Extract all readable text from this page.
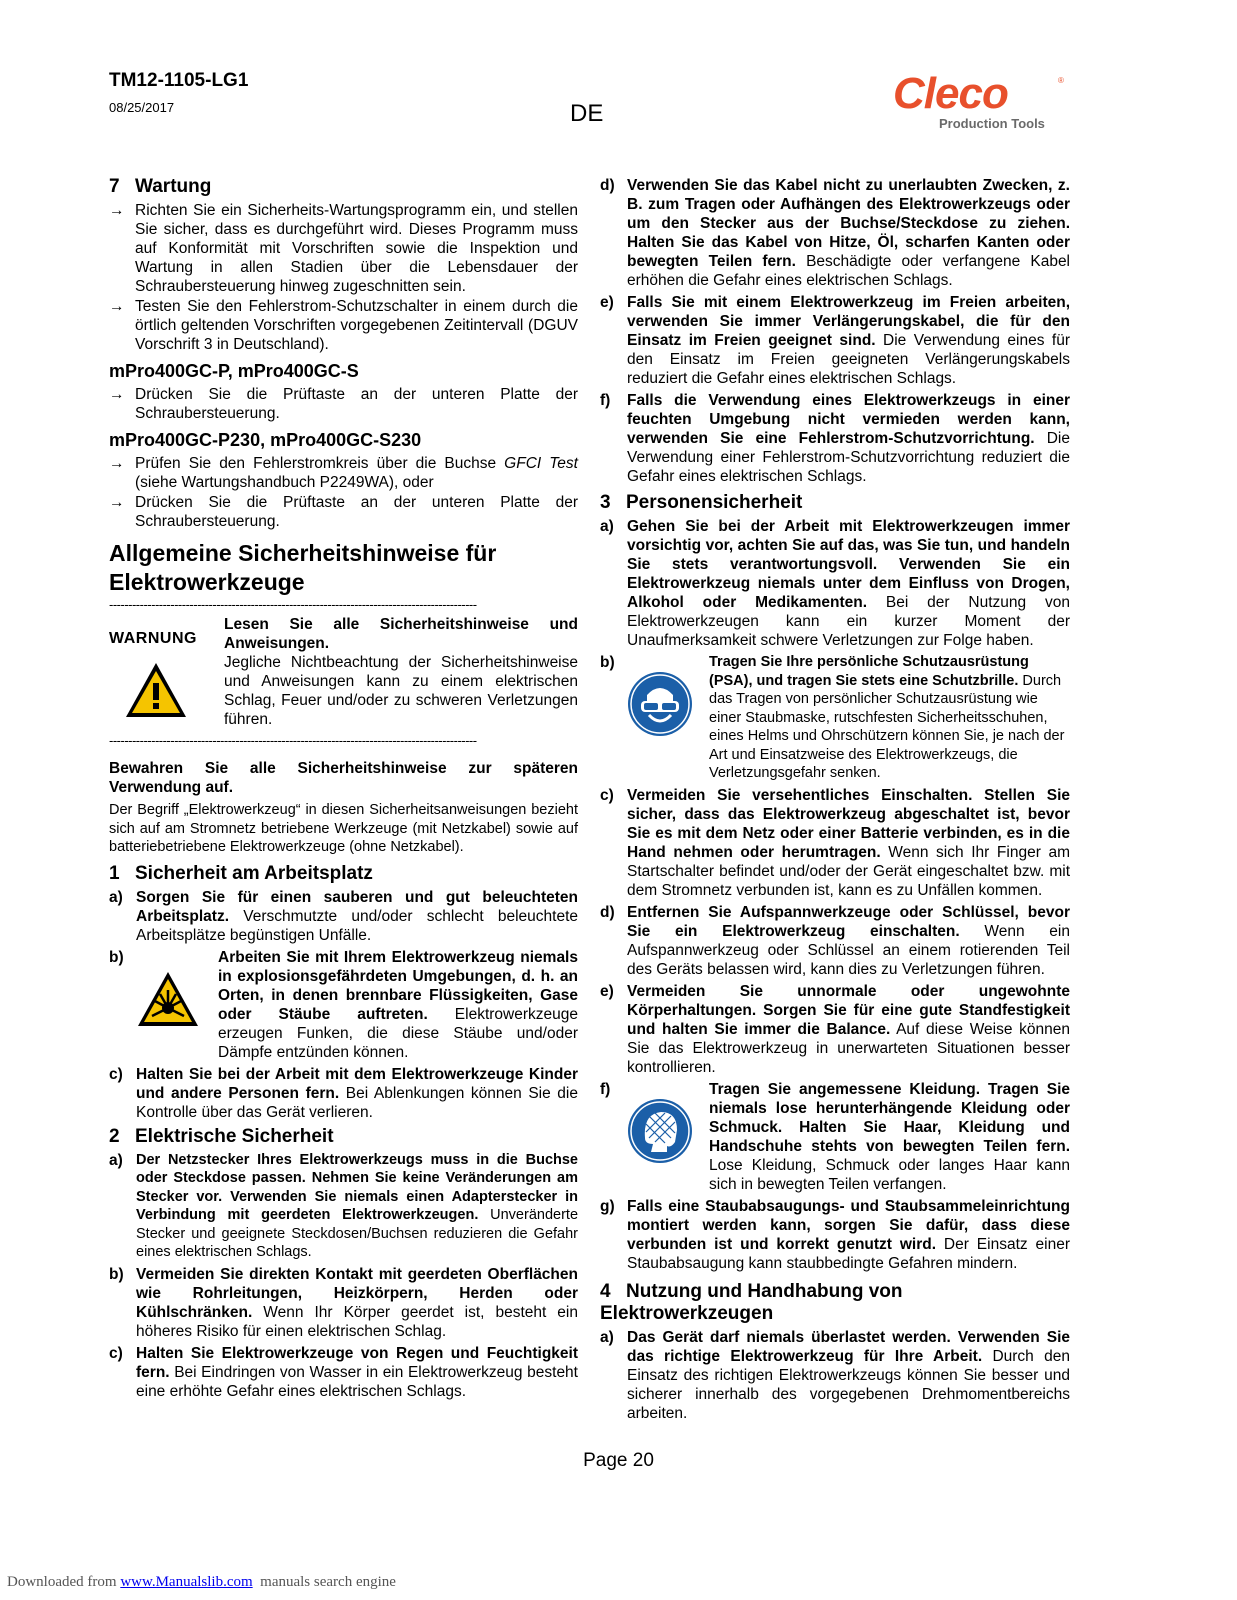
TM12-1105-LG1
08/25/2017	DE	Cleco	®
Production Tools
7 Wartung
→ Richten Sie ein Sicherheits-Wartungsprogramm ein, und stellen Sie sicher, dass es durchgeführt wird. Dieses Programm muss auf Konformität mit Vorschriften sowie die Inspektion und Wartung in allen Stadien über die Lebensdauer der Schraubersteuerung hinweg zugeschnitten sein.
→ Testen Sie den Fehlerstrom-Schutzschalter in einem durch die örtlich geltenden Vorschriften vorgegebenen Zeitintervall (DGUV Vorschrift 3 in Deutschland).
mPro400GC-P, mPro400GC-S
→ Drücken Sie die Prüftaste an der unteren Platte der Schraubersteuerung.
mPro400GC-P230, mPro400GC-S230
→ Prüfen Sie den Fehlerstromkreis über die Buchse GFCI Test (siehe Wartungshandbuch P2249WA), oder
→ Drücken Sie die Prüftaste an der unteren Platte der Schraubersteuerung.
Allgemeine Sicherheitshinweise für Elektrowerkzeuge
------------------------------------------------------------------------------------------------
WARNUNG

Lesen Sie alle Sicherheitshinweise und Anweisungen.

Jegliche Nichtbeachtung der Sicherheitshinweise und Anweisungen kann zu einem elektrischen Schlag, Feuer und/oder zu schweren Verletzungen führen.

------------------------------------------------------------------------------------------------

Bewahren Sie alle Sicherheitshinweise zur späteren Verwendung auf.

Der Begriff „Elektrowerkzeug“ in diesen Sicherheitsanweisungen bezieht sich auf am Stromnetz betriebene Werkzeuge (mit Netzkabel) sowie auf batteriebetriebene Elektrowerkzeuge (ohne Netzkabel).

1 Sicherheit am Arbeitsplatz
a) Sorgen Sie für einen sauberen und gut beleuchteten Arbeitsplatz. Verschmutzte und/oder schlecht beleuchtete Arbeitsplätze begünstigen Unfälle.
b)	Arbeiten Sie mit Ihrem Elektrowerkzeug niemals in explosionsgefährdeten Umgebungen, d. h. an Orten, in denen brennbare Flüssigkeiten, Gase oder Stäube auftreten. Elektrowerkzeuge erzeugen Funken, die diese Stäube und/oder Dämpfe entzünden können.
c) Halten Sie bei der Arbeit mit dem Elektrowerkzeuge Kinder und andere Personen fern. Bei Ablenkungen können Sie die Kontrolle über das Gerät verlieren.
2 Elektrische Sicherheit
a) Der Netzstecker Ihres Elektrowerkzeugs muss in die Buchse oder Steckdose passen. Nehmen Sie keine Veränderungen am Stecker vor. Verwenden Sie niemals einen Adapterstecker in Verbindung mit geerdeten Elektrowerkzeugen. Unveränderte Stecker und geeignete Steckdosen/Buchsen reduzieren die Gefahr eines elektrischen Schlags.
b) Vermeiden Sie direkten Kontakt mit geerdeten Oberflächen wie Rohrleitungen, Heizkörpern, Herden oder Kühlschränken. Wenn Ihr Körper geerdet ist, besteht ein höheres Risiko für einen elektrischen Schlag.
c) Halten Sie Elektrowerkzeuge von Regen und Feuchtigkeit fern. Bei Eindringen von Wasser in ein Elektrowerkzeug besteht eine erhöhte Gefahr eines elektrischen Schlags.
d) Verwenden Sie das Kabel nicht zu unerlaubten Zwecken, z. B. zum Tragen oder Aufhängen des Elektrowerkzeugs oder um den Stecker aus der Buchse/Steckdose zu ziehen. Halten Sie das Kabel von Hitze, Öl, scharfen Kanten oder bewegten Teilen fern. Beschädigte oder verfangene Kabel erhöhen die Gefahr eines elektrischen Schlags.
e) Falls Sie mit einem Elektrowerkzeug im Freien arbeiten, verwenden Sie immer Verlängerungskabel, die für den Einsatz im Freien geeignet sind. Die Verwendung eines für den Einsatz im Freien geeigneten Verlängerungskabels reduziert die Gefahr eines elektrischen Schlags.
f)	Falls die Verwendung eines Elektrowerkzeugs in einer feuchten Umgebung nicht vermieden werden kann, verwenden Sie eine Fehlerstrom-Schutzvorrichtung. Die Verwendung einer Fehlerstrom-Schutzvorrichtung reduziert die Gefahr eines elektrischen Schlags.
3 Personensicherheit
a) Gehen Sie bei der Arbeit mit Elektrowerkzeugen immer vorsichtig vor, achten Sie auf das, was Sie tun, und handeln Sie stets verantwortungsvoll. Verwenden Sie ein Elektrowerkzeug niemals unter dem Einfluss von Drogen, Alkohol oder Medikamenten. Bei der Nutzung von Elektrowerkzeugen kann ein kurzer Moment der Unaufmerksamkeit schwere Verletzungen zur Folge haben.
b)	Tragen Sie Ihre persönliche Schutzausrüstung (PSA), und tragen Sie stets eine Schutzbrille. Durch das Tragen von persönlicher Schutzausrüstung wie einer Staubmaske, rutschfesten Sicherheitsschuhen, eines Helms und Ohrschützern können Sie, je nach der Art und Einsatzweise des Elektrowerkzeugs, die Verletzungsgefahr senken.
c) Vermeiden Sie versehentliches Einschalten. Stellen Sie sicher, dass das Elektrowerkzeug abgeschaltet ist, bevor Sie es mit dem Netz oder einer Batterie verbinden, es in die Hand nehmen oder herumtragen. Wenn sich Ihr Finger am Startschalter befindet und/oder der Gerät eingeschaltet bzw. mit dem Stromnetz verbunden ist, kann es zu Unfällen kommen.
d) Entfernen Sie Aufspannwerkzeuge oder Schlüssel, bevor Sie ein Elektrowerkzeug einschalten. Wenn ein Aufspannwerkzeug oder Schlüssel an einem rotierenden Teil des Geräts belassen wird, kann dies zu Verletzungen führen.
e) Vermeiden Sie unnormale oder ungewohnte Körperhaltungen. Sorgen Sie für eine gute Standfestigkeit und halten Sie immer die Balance. Auf diese Weise können Sie das Elektrowerkzeug in unerwarteten Situationen besser kontrollieren.
f)	Tragen Sie angemessene Kleidung. Tragen Sie niemals lose herunterhängende Kleidung oder Schmuck. Halten Sie Haar, Kleidung und Handschuhe stehts von bewegten Teilen fern. Lose Kleidung, Schmuck oder langes Haar kann sich in bewegten Teilen verfangen.
g) Falls eine Staubabsaugungs- und Staubsammeleinrichtung montiert werden kann, sorgen Sie dafür, dass diese verbunden ist und korrekt genutzt wird. Der Einsatz einer Staubabsaugung kann staubbedingte Gefahren mindern.
4 Nutzung und Handhabung von Elektrowerkzeugen
a) Das Gerät darf niemals überlastet werden. Verwenden Sie das richtige Elektrowerkzeug für Ihre Arbeit. Durch den Einsatz des richtigen Elektrowerkzeugs können Sie besser und sicherer innerhalb des vorgegebenen Drehmomentbereichs arbeiten.
Page 20
Downloaded from www.Manualslib.com  manuals search engine
